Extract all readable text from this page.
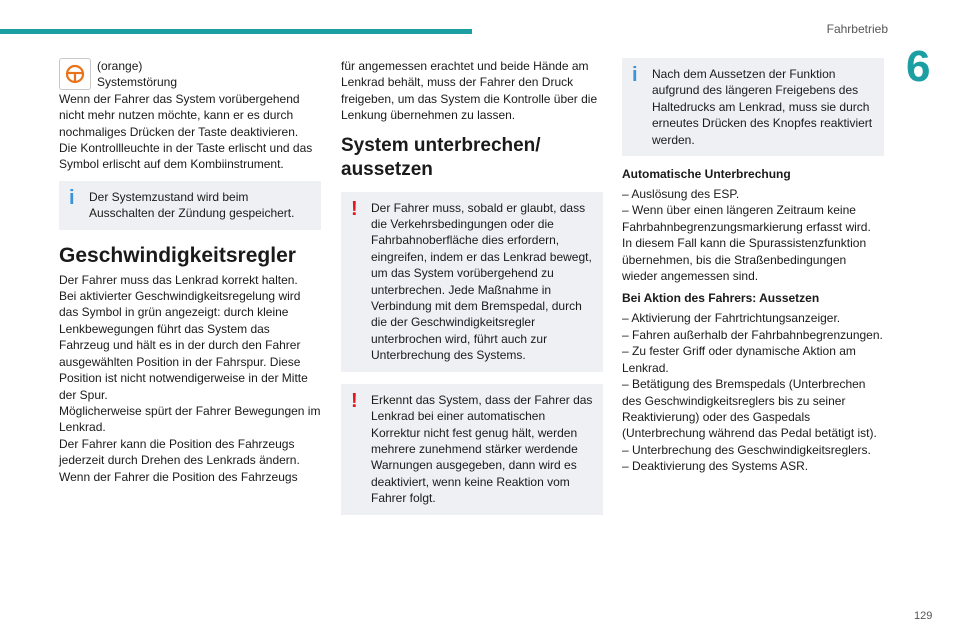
Fahrbetrieb
6
129

(orange)

Systemstörung

Wenn der Fahrer das System vorübergehend nicht mehr nutzen möchte, kann er es durch nochmaliges Drücken der Taste deaktivieren.

Die Kontrollleuchte in der Taste erlischt und das Symbol erlischt auf dem Kombiinstrument.

i Der Systemzustand wird beim Ausschalten der Zündung gespeichert.

Geschwindigkeitsregler

Der Fahrer muss das Lenkrad korrekt halten.

Bei aktivierter Geschwindigkeitsregelung wird das Symbol in grün angezeigt: durch kleine Lenkbewegungen führt das System das Fahrzeug und hält es in der durch den Fahrer ausgewählten Position in der Fahrspur. Diese Position ist nicht notwendigerweise in der Mitte der Spur.

Möglicherweise spürt der Fahrer Bewegungen im Lenkrad.

Der Fahrer kann die Position des Fahrzeugs jederzeit durch Drehen des Lenkrads ändern.

Wenn der Fahrer die Position des Fahrzeugs

für angemessen erachtet und beide Hände am Lenkrad behält, muss der Fahrer den Druck freigeben, um das System die Kontrolle über die Lenkung übernehmen zu lassen.

System unterbrechen/ aussetzen
! Der Fahrer muss, sobald er glaubt, dass die Verkehrsbedingungen oder die Fahrbahnoberfläche dies erfordern, eingreifen, indem er das Lenkrad bewegt, um das System vorübergehend zu unterbrechen. Jede Maßnahme in Verbindung mit dem Bremspedal, durch die der Geschwindigkeitsregler unterbrochen wird, führt auch zur Unterbrechung des Systems.

! Erkennt das System, dass der Fahrer das Lenkrad bei einer automatischen Korrektur nicht fest genug hält, werden mehrere zunehmend stärker werdende Warnungen ausgegeben, dann wird es deaktiviert, wenn keine Reaktion vom Fahrer folgt.

i Nach dem Aussetzen der Funktion aufgrund des längeren Freigebens des Haltedrucks am Lenkrad, muss sie durch erneutes Drücken des Knopfes reaktiviert werden.

Automatische Unterbrechung

– Auslösung des ESP.

– Wenn über einen längeren Zeitraum keine Fahrbahnbegrenzungsmarkierung erfasst wird.

In diesem Fall kann die Spurassistenzfunktion übernehmen, bis die Straßenbedingungen wieder angemessen sind.

Bei Aktion des Fahrers: Aussetzen

– Aktivierung der Fahrtrichtungsanzeiger.

– Fahren außerhalb der Fahrbahnbegrenzungen.

– Zu fester Griff oder dynamische Aktion am Lenkrad.

– Betätigung des Bremspedals (Unterbrechen des Geschwindigkeitsreglers bis zu seiner Reaktivierung) oder des Gaspedals (Unterbrechung während das Pedal betätigt ist).

– Unterbrechung des Geschwindigkeitsreglers.

– Deaktivierung des Systems ASR.
